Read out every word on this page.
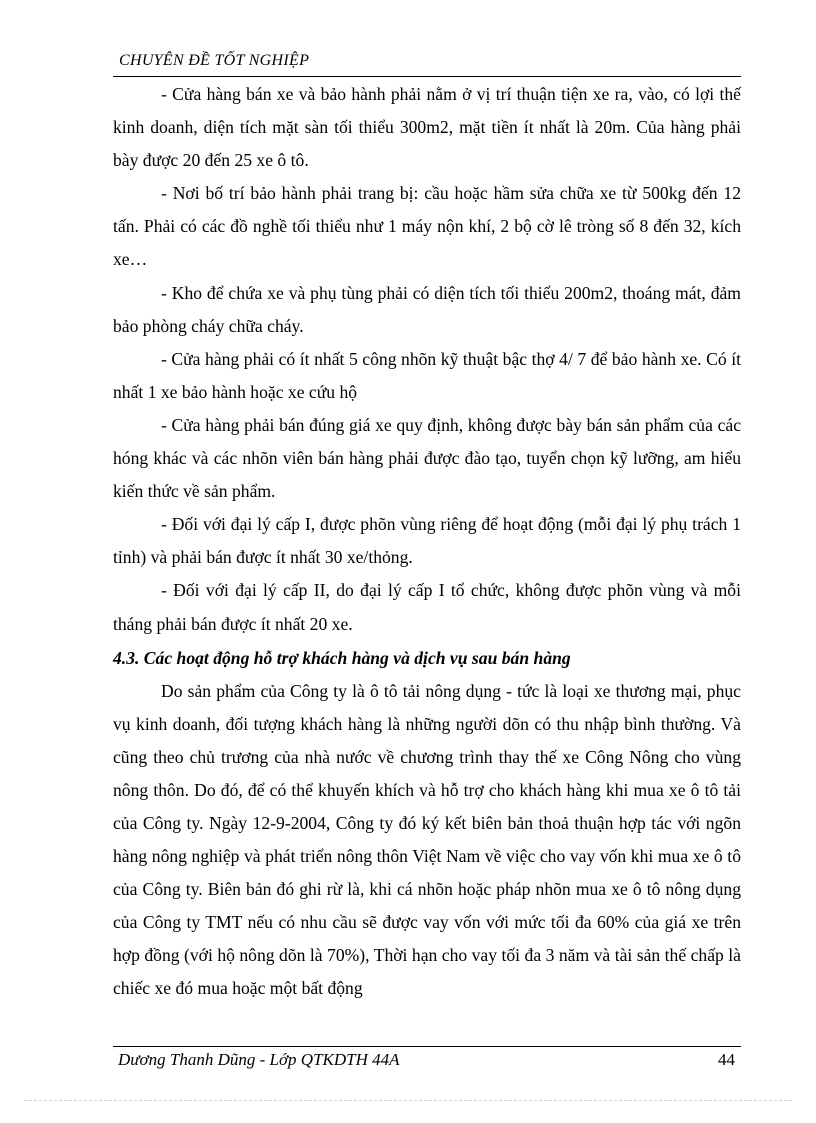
CHUYÊN ĐỀ TỐT NGHIỆP

- Cửa hàng bán xe và bảo hành phải nằm ở vị trí thuận tiện xe ra, vào, có lợi thế kinh doanh, diện tích mặt sàn tối thiểu 300m2, mặt tiền ít nhất là 20m. Của hàng phải bày được 20 đến 25 xe ô tô.

- Nơi bố trí bảo hành phải trang bị: cầu hoặc hầm sửa chữa xe từ 500kg đến 12 tấn. Phải có các đồ nghề tối thiểu như 1 máy nộn khí, 2 bộ cờ lê tròng số 8 đến 32, kích xe…

- Kho để chứa xe và phụ tùng phải có diện tích tối thiểu 200m2, thoáng mát, đảm bảo phòng cháy chữa cháy.

- Cửa hàng phải có ít nhất 5 công nhõn kỹ thuật bậc thợ 4/ 7 để bảo hành xe. Có ít nhất 1 xe bảo hành hoặc xe cứu hộ

- Cửa hàng phải bán đúng giá xe quy định, không được bày bán sản phẩm của các hóng khác và các nhõn viên bán hàng phải được đào tạo, tuyển chọn kỹ lưỡng, am hiểu kiến thức về sản phẩm.

- Đối với đại lý cấp I, được phõn vùng riêng để hoạt động (mỗi đại lý phụ trách 1 tỉnh) và phải bán được ít nhất 30 xe/thỏng.

- Đối với đại lý cấp II, do đại lý cấp I tổ chức, không được phõn vùng và mỗi tháng phải bán được ít nhất 20 xe.

4.3. Các hoạt động hỗ trợ khách hàng và dịch vụ sau bán hàng

Do sản phẩm của Công ty là ô tô tải nông dụng - tức là loại xe thương mại, phục vụ kinh doanh, đối tượng khách hàng là những người dõn có thu nhập bình thường. Và cũng theo chủ trương của nhà nước về chương trình thay thế xe Công Nông cho vùng nông thôn. Do đó, để có thể khuyến khích và hỗ trợ cho khách hàng khi mua xe ô tô tải của Công ty. Ngày 12-9-2004, Công ty đó ký kết biên bản thoả thuận hợp tác với ngõn hàng nông nghiệp và phát triển nông thôn Việt Nam về việc cho vay vốn khi mua xe ô tô của Công ty. Biên bản đó ghi rừ là, khi cá nhõn hoặc pháp nhõn mua xe ô tô nông dụng của Công ty TMT nếu có nhu cầu sẽ được vay vốn với mức tối đa 60% của giá xe trên hợp đồng (với hộ nông dõn là 70%), Thời hạn cho vay tối đa 3 năm và tài sản thế chấp là chiếc xe đó mua hoặc một bất động

Dương Thanh Dũng - Lớp QTKDTH 44A	44
